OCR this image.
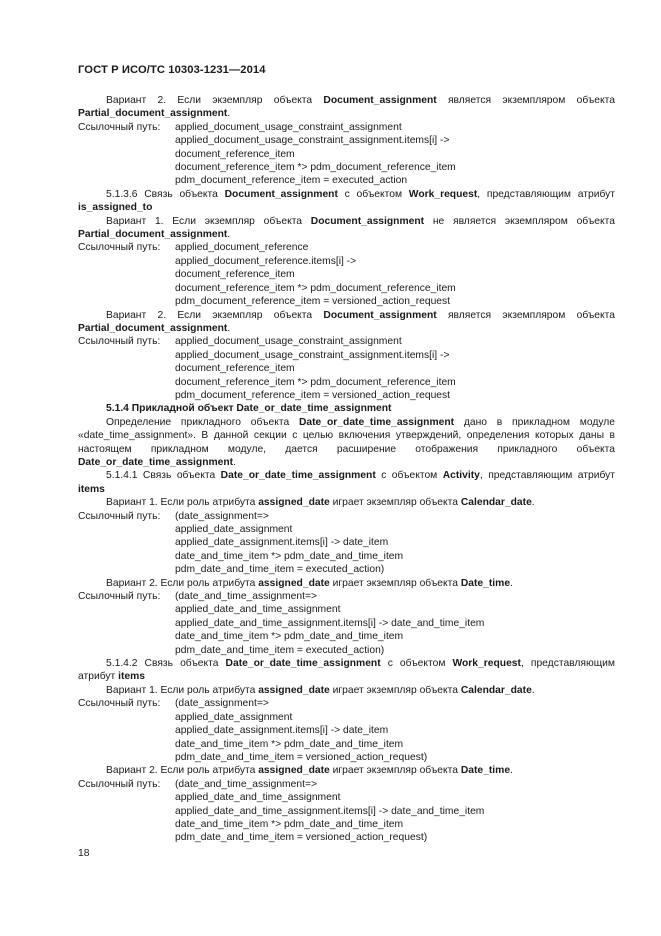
ГОСТ Р ИСО/ТС 10303-1231—2014
Вариант 2. Если экземпляр объекта Document_assignment является экземпляром объекта Partial_document_assignment.
Ссылочный путь:	applied_document_usage_constraint_assignment
applied_document_usage_constraint_assignment.items[i] ->
document_reference_item
document_reference_item *> pdm_document_reference_item
pdm_document_reference_item = executed_action
5.1.3.6 Связь объекта Document_assignment с объектом Work_request, представляющим атрибут is_assigned_to
Вариант 1. Если экземпляр объекта Document_assignment не является экземпляром объекта Partial_document_assignment.
Ссылочный путь:	applied_document_reference
applied_document_reference.items[i] ->
document_reference_item
document_reference_item *> pdm_document_reference_item
pdm_document_reference_item = versioned_action_request
Вариант 2. Если экземпляр объекта Document_assignment является экземпляром объекта Partial_document_assignment.
Ссылочный путь:	applied_document_usage_constraint_assignment
applied_document_usage_constraint_assignment.items[i] ->
document_reference_item
document_reference_item *> pdm_document_reference_item
pdm_document_reference_item = versioned_action_request
5.1.4 Прикладной объект Date_or_date_time_assignment
Определение прикладного объекта Date_or_date_time_assignment дано в прикладном модуле «date_time_assignment». В данной секции с целью включения утверждений, определения которых даны в настоящем прикладном модуле, дается расширение отображения прикладного объекта Date_or_date_time_assignment.
5.1.4.1 Связь объекта Date_or_date_time_assignment с объектом Activity, представляющим атрибут items
Вариант 1. Если роль атрибута assigned_date играет экземпляр объекта Calendar_date.
Ссылочный путь:	(date_assignment=>
applied_date_assignment
applied_date_assignment.items[i] -> date_item
date_and_time_item *> pdm_date_and_time_item
pdm_date_and_time_item = executed_action)
Вариант 2. Если роль атрибута assigned_date играет экземпляр объекта Date_time.
Ссылочный путь:	(date_and_time_assignment=>
applied_date_and_time_assignment
applied_date_and_time_assignment.items[i] -> date_and_time_item
date_and_time_item *> pdm_date_and_time_item
pdm_date_and_time_item = executed_action)
5.1.4.2 Связь объекта Date_or_date_time_assignment с объектом Work_request, представляющим атрибут items
Вариант 1. Если роль атрибута assigned_date играет экземпляр объекта Calendar_date.
Ссылочный путь:	(date_assignment=>
applied_date_assignment
applied_date_assignment.items[i] -> date_item
date_and_time_item *> pdm_date_and_time_item
pdm_date_and_time_item = versioned_action_request)
Вариант 2. Если роль атрибута assigned_date играет экземпляр объекта Date_time.
Ссылочный путь:	(date_and_time_assignment=>
applied_date_and_time_assignment
applied_date_and_time_assignment.items[i] -> date_and_time_item
date_and_time_item *> pdm_date_and_time_item
pdm_date_and_time_item = versioned_action_request)
18
